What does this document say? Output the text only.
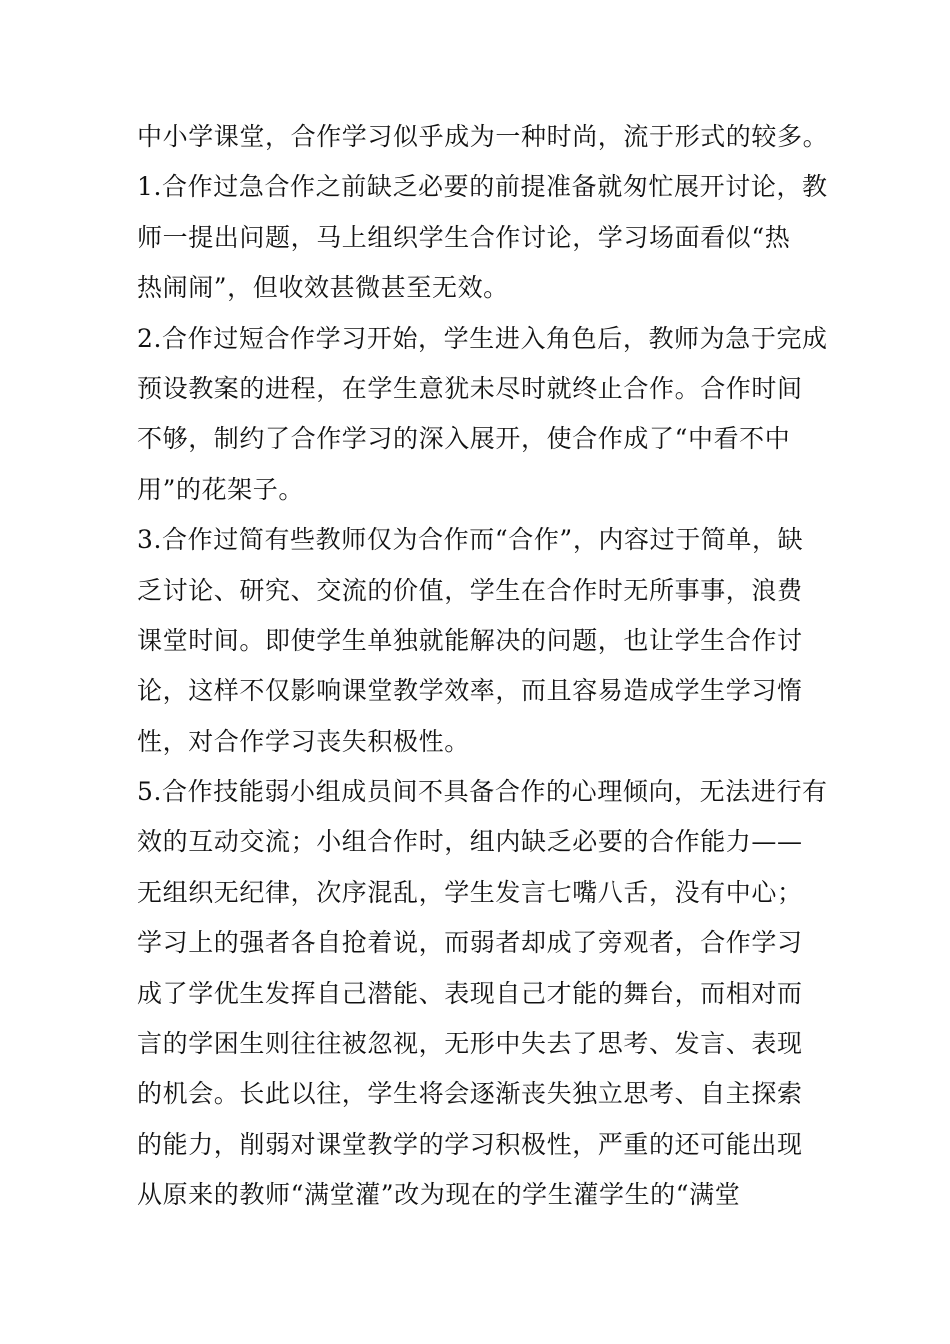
中小学课堂，合作学习似乎成为一种时尚，流于形式的较多。
1.合作过急合作之前缺乏必要的前提准备就匆忙展开讨论，教
师一提出问题，马上组织学生合作讨论，学习场面看似“热
热闹闹”，但收效甚微甚至无效。
2.合作过短合作学习开始，学生进入角色后，教师为急于完成
预设教案的进程，在学生意犹未尽时就终止合作。合作时间
不够，制约了合作学习的深入展开，使合作成了“中看不中
用”的花架子。
3.合作过简有些教师仅为合作而“合作”，内容过于简单，缺
乏讨论、研究、交流的价值，学生在合作时无所事事，浪费
课堂时间。即使学生单独就能解决的问题，也让学生合作讨
论，这样不仅影响课堂教学效率，而且容易造成学生学习惰
性，对合作学习丧失积极性。
5.合作技能弱小组成员间不具备合作的心理倾向，无法进行有
效的互动交流；小组合作时，组内缺乏必要的合作能力——
无组织无纪律，次序混乱，学生发言七嘴八舌，没有中心；
学习上的强者各自抢着说，而弱者却成了旁观者，合作学习
成了学优生发挥自己潜能、表现自己才能的舞台，而相对而
言的学困生则往往被忽视，无形中失去了思考、发言、表现
的机会。长此以往，学生将会逐渐丧失独立思考、自主探索
的能力，削弱对课堂教学的学习积极性，严重的还可能出现
从原来的教师“满堂灌”改为现在的学生灌学生的“满堂
